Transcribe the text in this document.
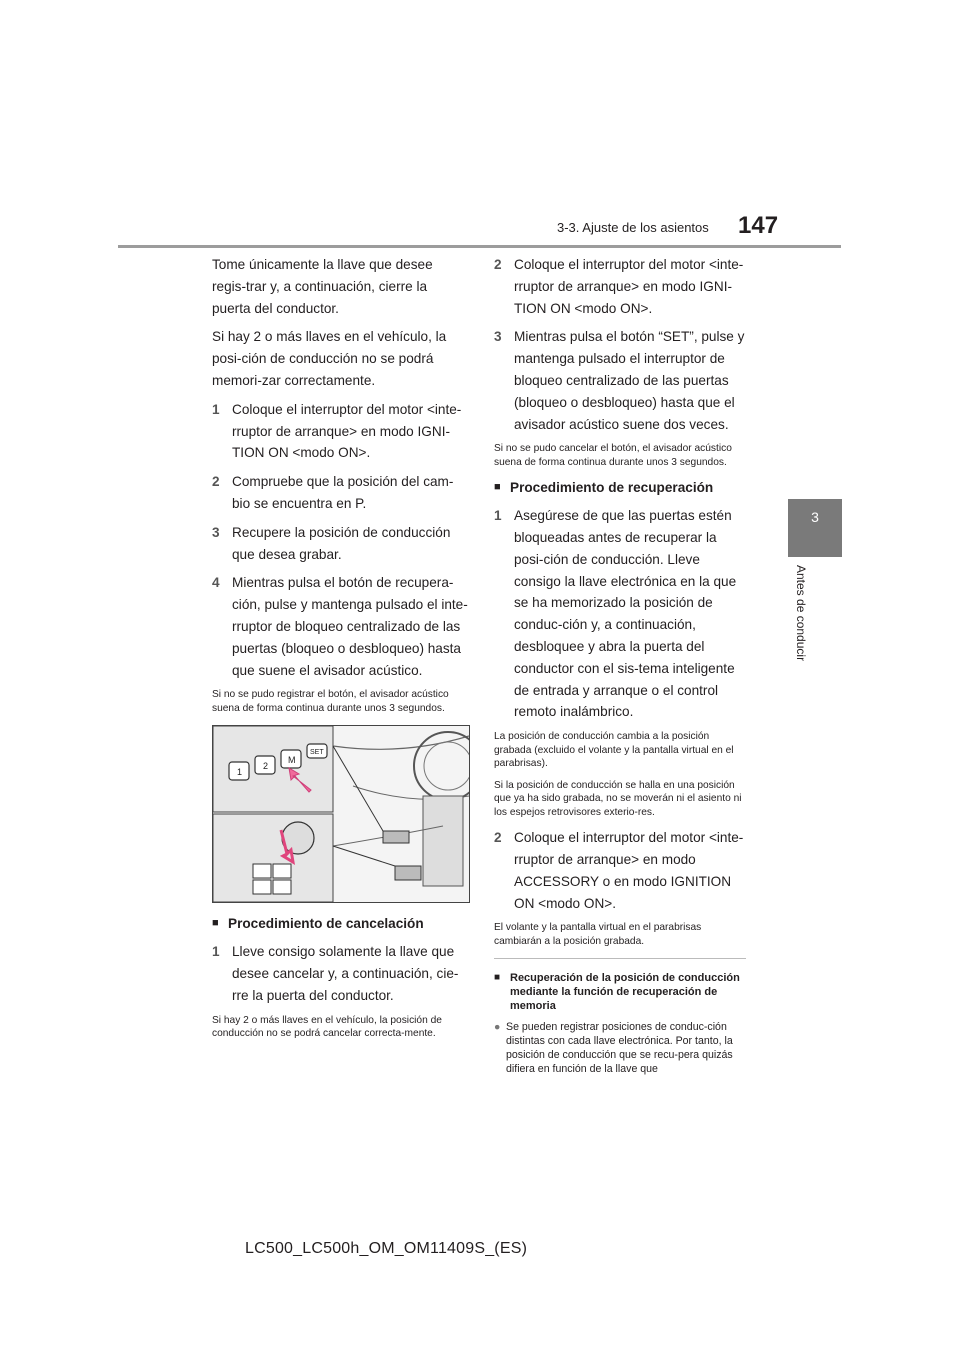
3-3. Ajuste de los asientos 147
3
Antes de conducir

Tome únicamente la llave que desee regis-trar y, a continuación, cierre la puerta del conductor.

Si hay 2 o más llaves en el vehículo, la posi-ción de conducción no se podrá memori-zar correctamente.

1 Coloque el interruptor del motor <inte-rruptor de arranque> en modo IGNI-TION ON <modo ON>.
2 Compruebe que la posición del cam-bio se encuentra en P.
3 Recupere la posición de conducción que desea grabar.
4 Mientras pulsa el botón de recupera-ción, pulse y mantenga pulsado el inte-rruptor de bloqueo centralizado de las puertas (bloqueo o desbloqueo) hasta que suene el avisador acústico.
Si no se pudo registrar el botón, el avisador acústico suena de forma continua durante unos 3 segundos.
1
2
M
SET
■ Procedimiento de cancelación
1 Lleve consigo solamente la llave que desee cancelar y, a continuación, cie-rre la puerta del conductor.
Si hay 2 o más llaves en el vehículo, la posición de conducción no se podrá cancelar correcta-mente.
2 Coloque el interruptor del motor <inte-rruptor de arranque> en modo IGNI-TION ON <modo ON>.
3 Mientras pulsa el botón “SET”, pulse y mantenga pulsado el interruptor de bloqueo centralizado de las puertas (bloqueo o desbloqueo) hasta que el avisador acústico suene dos veces.
Si no se pudo cancelar el botón, el avisador acústico suena de forma continua durante unos 3 segundos.
■ Procedimiento de recuperación
1 Asegúrese de que las puertas estén bloqueadas antes de recuperar la posi-ción de conducción. Lleve consigo la llave electrónica en la que se ha memorizado la posición de conduc-ción y, a continuación, desbloquee y abra la puerta del conductor con el sis-tema inteligente de entrada y arranque o el control remoto inalámbrico.
La posición de conducción cambia a la posición grabada (excluido el volante y la pantalla virtual en el parabrisas).
Si la posición de conducción se halla en una posición que ya ha sido grabada, no se moverán ni el asiento ni los espejos retrovisores exterio-res.
2 Coloque el interruptor del motor <inte-rruptor de arranque> en modo ACCESSORY o en modo IGNITION ON <modo ON>.
El volante y la pantalla virtual en el parabrisas cambiarán a la posición grabada.
■ Recuperación de la posición de conducción mediante la función de recuperación de memoria
● Se pueden registrar posiciones de conduc-ción distintas con cada llave electrónica. Por tanto, la posición de conducción que se recu-pera quizás difiera en función de la llave que
LC500_LC500h_OM_OM11409S_(ES)
